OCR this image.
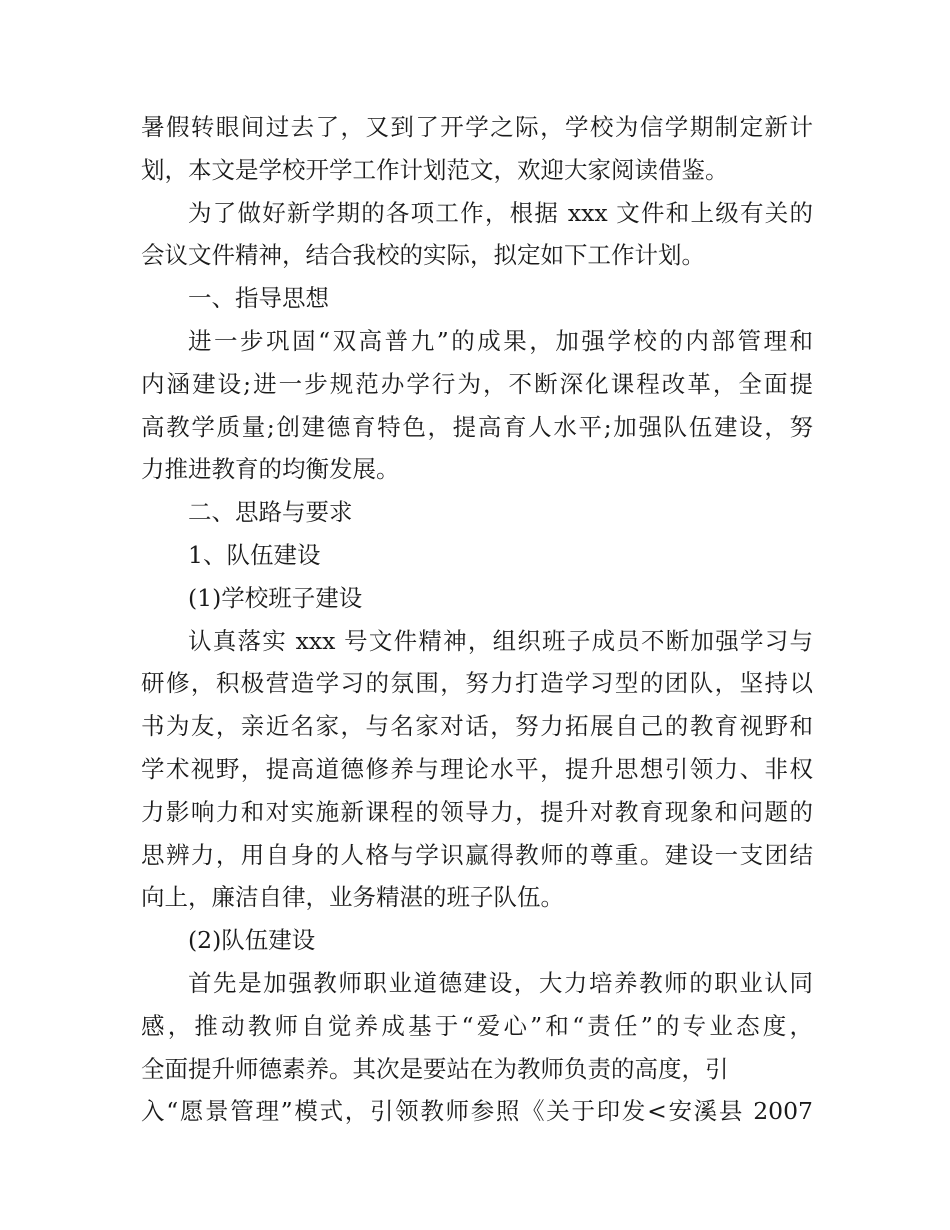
暑假转眼间过去了，又到了开学之际，学校为信学期制定新计
划，本文是学校开学工作计划范文，欢迎大家阅读借鉴。
为了做好新学期的各项工作，根据 xxx 文件和上级有关的
会议文件精神，结合我校的实际，拟定如下工作计划。
一、指导思想
进一步巩固“双高普九”的成果，加强学校的内部管理和
内涵建设;进一步规范办学行为，不断深化课程改革，全面提
高教学质量;创建德育特色，提高育人水平;加强队伍建设，努
力推进教育的均衡发展。
二、思路与要求
1、队伍建设
(1)学校班子建设
认真落实 xxx 号文件精神，组织班子成员不断加强学习与
研修，积极营造学习的氛围，努力打造学习型的团队，坚持以
书为友，亲近名家，与名家对话，努力拓展自己的教育视野和
学术视野，提高道德修养与理论水平，提升思想引领力、非权
力影响力和对实施新课程的领导力，提升对教育现象和问题的
思辨力，用自身的人格与学识赢得教师的尊重。建设一支团结
向上，廉洁自律，业务精湛的班子队伍。
(2)队伍建设
首先是加强教师职业道德建设，大力培养教师的职业认同
感，推动教师自觉养成基于“爱心”和“责任”的专业态度，
全面提升师德素养。其次是要站在为教师负责的高度，引
入“愿景管理”模式，引领教师参照《关于印发<安溪县 2007
